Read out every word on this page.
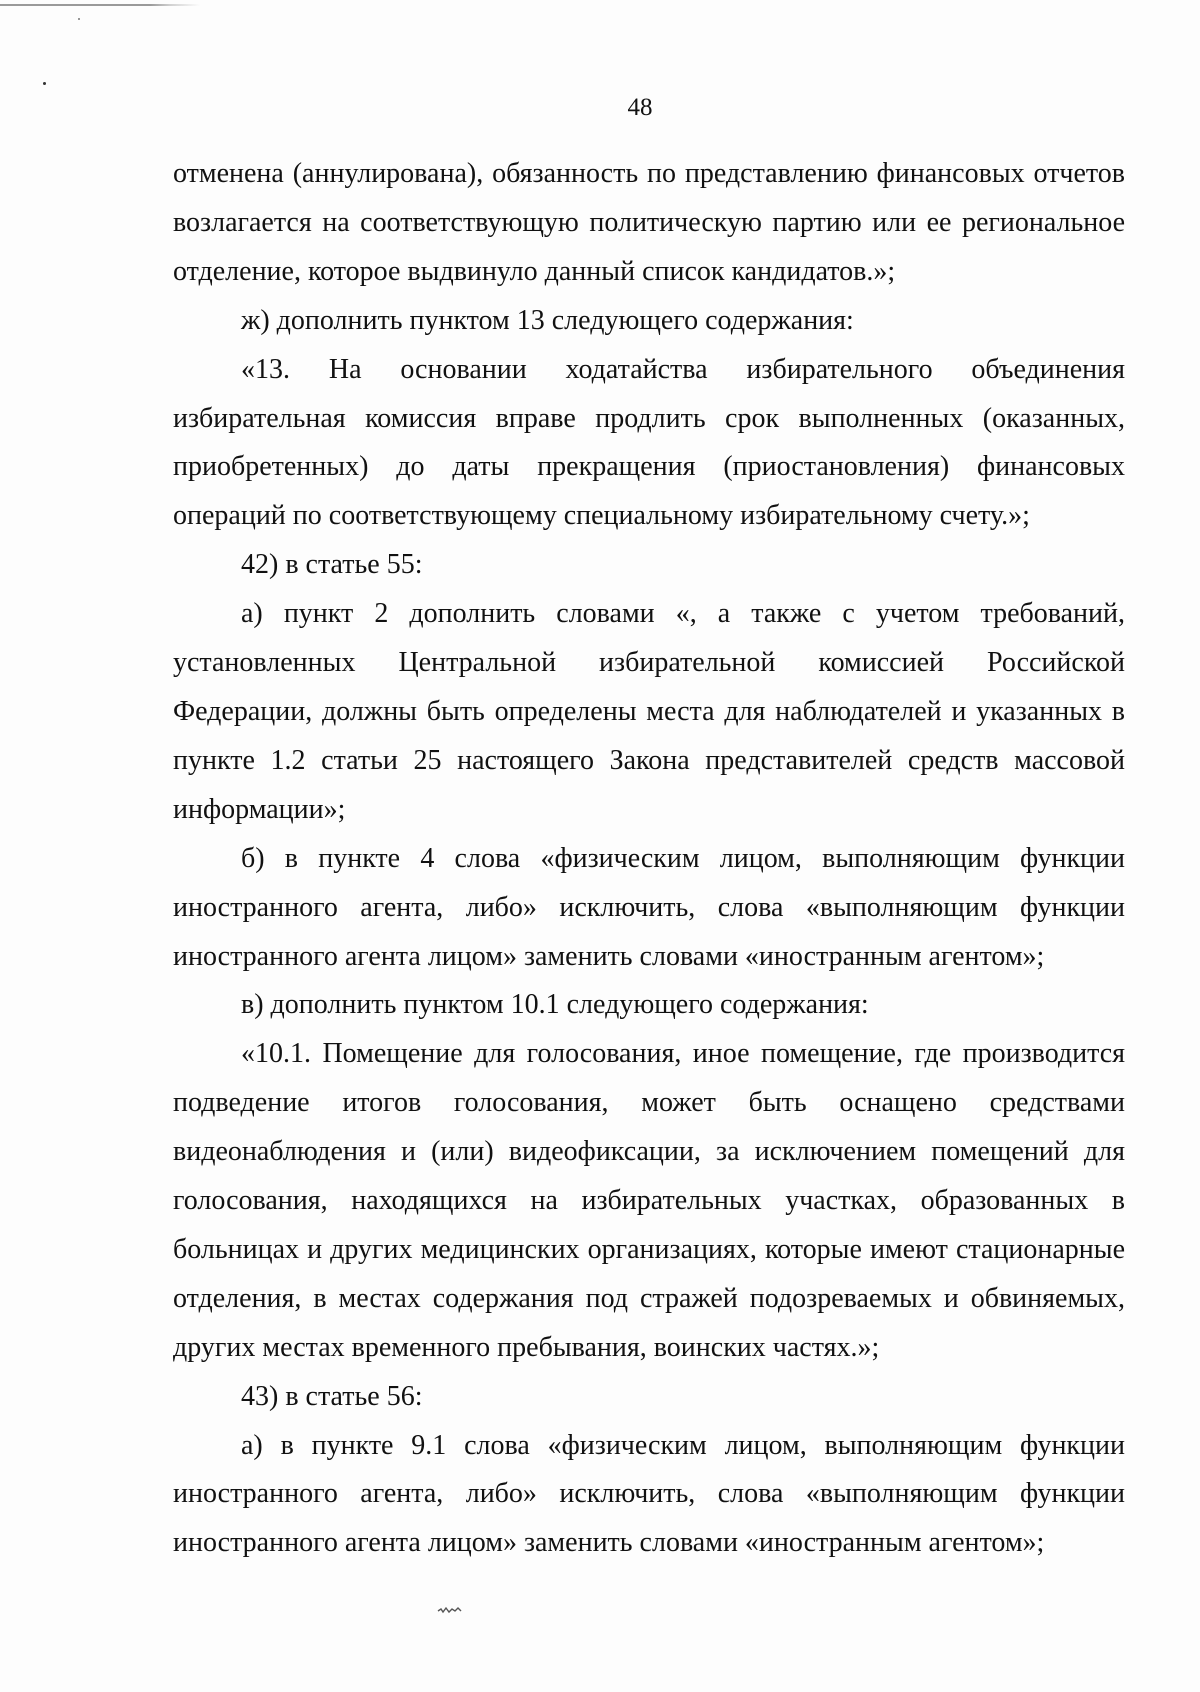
48

отменена (аннулирована), обязанность по представлению финансовых отчетов возлагается на соответствующую политическую партию или ее региональное отделение, которое выдвинуло данный список кандидатов.»;

ж) дополнить пунктом 13 следующего содержания:

«13. На основании ходатайства избирательного объединения избирательная комиссия вправе продлить срок выполненных (оказанных, приобретенных) до даты прекращения (приостановления) финансовых операций по соответствующему специальному избирательному счету.»;

42) в статье 55:

а) пункт 2 дополнить словами «, а также с учетом требований, установленных Центральной избирательной комиссией Российской Федерации, должны быть определены места для наблюдателей и указанных в пункте 1.2 статьи 25 настоящего Закона представителей средств массовой информации»;

б) в пункте 4 слова «физическим лицом, выполняющим функции иностранного агента, либо» исключить, слова «выполняющим функции иностранного агента лицом» заменить словами «иностранным агентом»;

в) дополнить пунктом 10.1 следующего содержания:

«10.1. Помещение для голосования, иное помещение, где производится подведение итогов голосования, может быть оснащено средствами видеонаблюдения и (или) видеофиксации, за исключением помещений для голосования, находящихся на избирательных участках, образованных в больницах и других медицинских организациях, которые имеют стационарные отделения, в местах содержания под стражей подозреваемых и обвиняемых, других местах временного пребывания, воинских частях.»;

43) в статье 56:

а) в пункте 9.1 слова «физическим лицом, выполняющим функции иностранного агента, либо» исключить, слова «выполняющим функции иностранного агента лицом» заменить словами «иностранным агентом»;
